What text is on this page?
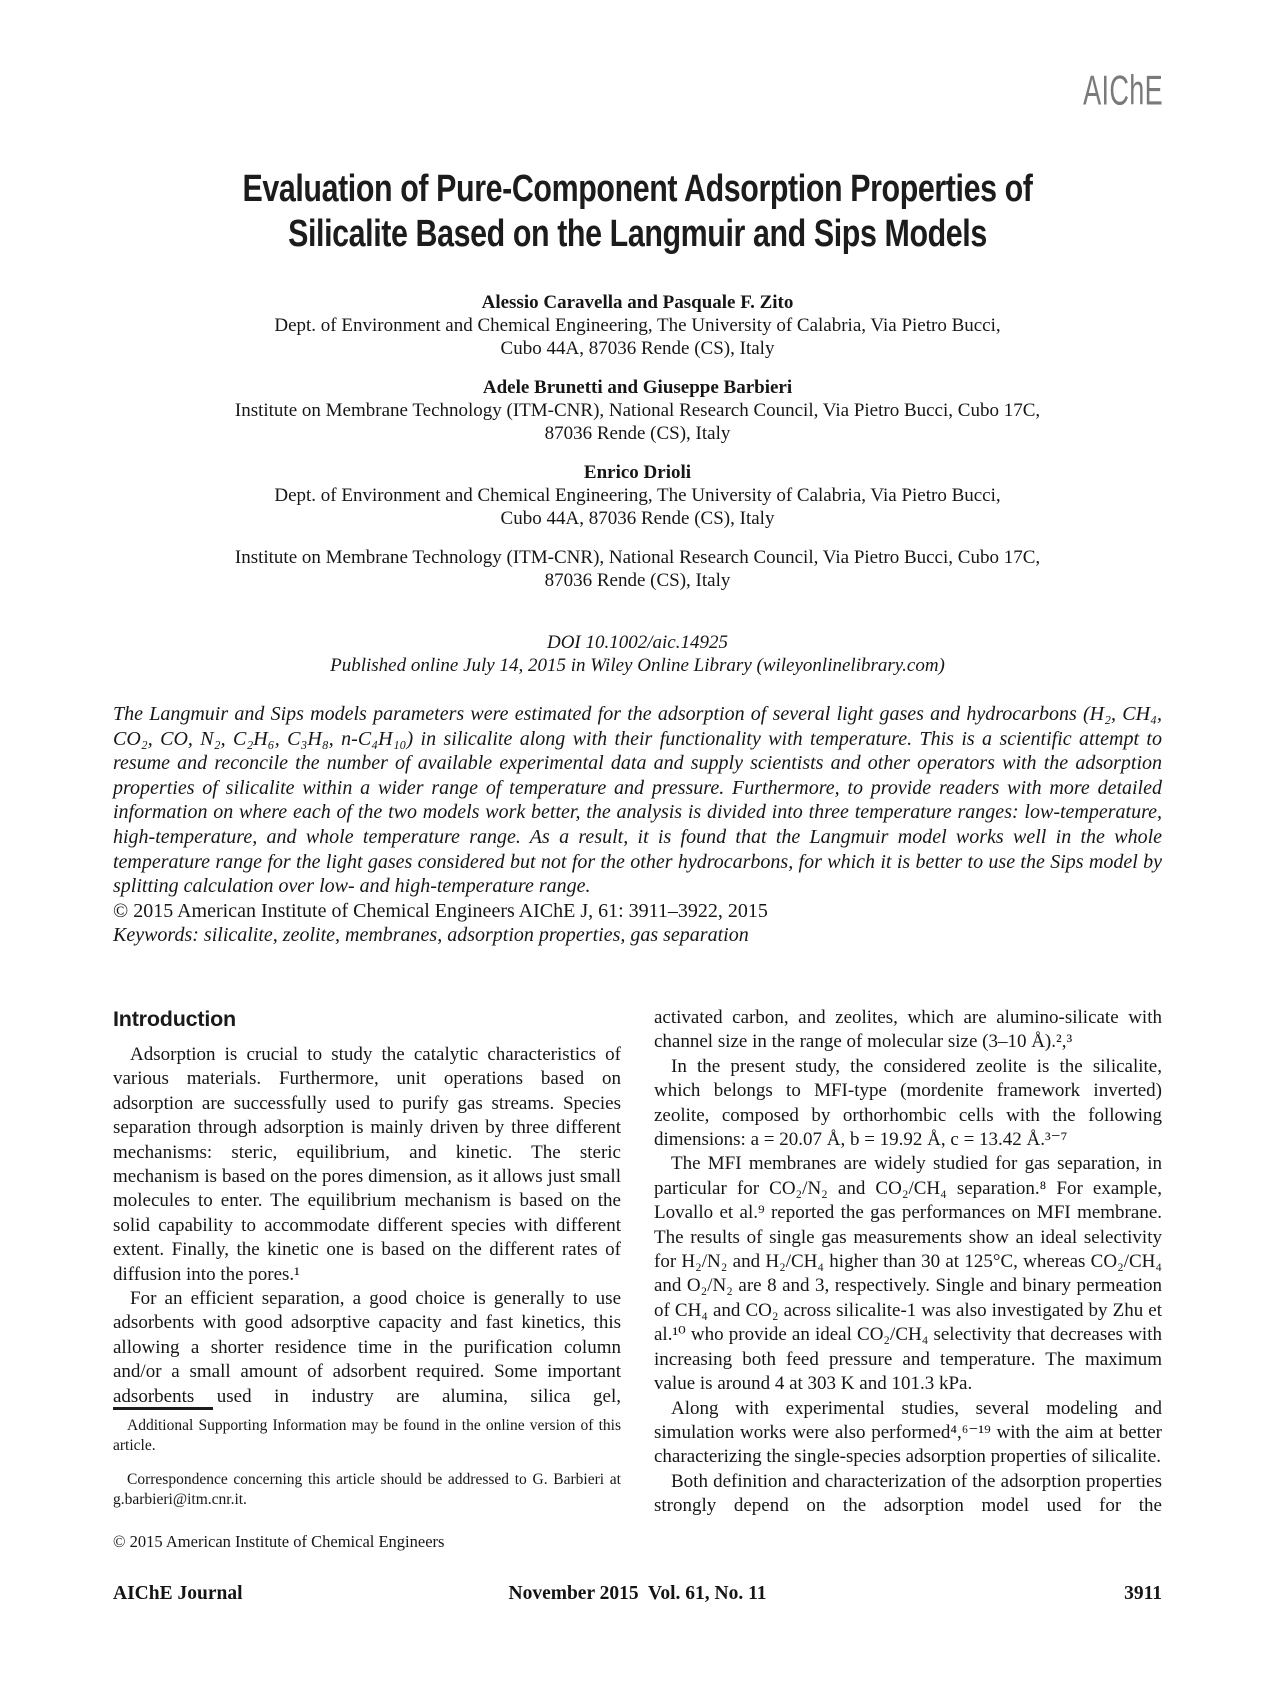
AIChE
Evaluation of Pure-Component Adsorption Properties of
Silicalite Based on the Langmuir and Sips Models
Alessio Caravella and Pasquale F. Zito
Dept. of Environment and Chemical Engineering, The University of Calabria, Via Pietro Bucci,
Cubo 44A, 87036 Rende (CS), Italy
Adele Brunetti and Giuseppe Barbieri
Institute on Membrane Technology (ITM-CNR), National Research Council, Via Pietro Bucci, Cubo 17C,
87036 Rende (CS), Italy
Enrico Drioli
Dept. of Environment and Chemical Engineering, The University of Calabria, Via Pietro Bucci,
Cubo 44A, 87036 Rende (CS), Italy
Institute on Membrane Technology (ITM-CNR), National Research Council, Via Pietro Bucci, Cubo 17C,
87036 Rende (CS), Italy
DOI 10.1002/aic.14925
Published online July 14, 2015 in Wiley Online Library (wileyonlinelibrary.com)
The Langmuir and Sips models parameters were estimated for the adsorption of several light gases and hydrocarbons (H₂, CH₄, CO₂, CO, N₂, C₂H₆, C₃H₈, n-C₄H₁₀) in silicalite along with their functionality with temperature. This is a scientific attempt to resume and reconcile the number of available experimental data and supply scientists and other operators with the adsorption properties of silicalite within a wider range of temperature and pressure. Furthermore, to provide readers with more detailed information on where each of the two models work better, the analysis is divided into three temperature ranges: low-temperature, high-temperature, and whole temperature range. As a result, it is found that the Langmuir model works well in the whole temperature range for the light gases considered but not for the other hydrocarbons, for which it is better to use the Sips model by splitting calculation over low- and high-temperature range.
© 2015 American Institute of Chemical Engineers AIChE J, 61: 3911–3922, 2015
Keywords: silicalite, zeolite, membranes, adsorption properties, gas separation
Introduction

Adsorption is crucial to study the catalytic characteristics of various materials. Furthermore, unit operations based on adsorption are successfully used to purify gas streams. Species separation through adsorption is mainly driven by three different mechanisms: steric, equilibrium, and kinetic. The steric mechanism is based on the pores dimension, as it allows just small molecules to enter. The equilibrium mechanism is based on the solid capability to accommodate different species with different extent. Finally, the kinetic one is based on the different rates of diffusion into the pores.¹

For an efficient separation, a good choice is generally to use adsorbents with good adsorptive capacity and fast kinetics, this allowing a shorter residence time in the purification column and/or a small amount of adsorbent required. Some important adsorbents used in industry are alumina, silica gel,

activated carbon, and zeolites, which are alumino-silicate with channel size in the range of molecular size (3–10 Å).²,³

In the present study, the considered zeolite is the silicalite, which belongs to MFI-type (mordenite framework inverted) zeolite, composed by orthorhombic cells with the following dimensions: a = 20.07 Å, b = 19.92 Å, c = 13.42 Å.³⁻⁷

The MFI membranes are widely studied for gas separation, in particular for CO₂/N₂ and CO₂/CH₄ separation.⁸ For example, Lovallo et al.⁹ reported the gas performances on MFI membrane. The results of single gas measurements show an ideal selectivity for H₂/N₂ and H₂/CH₄ higher than 30 at 125°C, whereas CO₂/CH₄ and O₂/N₂ are 8 and 3, respectively. Single and binary permeation of CH₄ and CO₂ across silicalite-1 was also investigated by Zhu et al.¹⁰ who provide an ideal CO₂/CH₄ selectivity that decreases with increasing both feed pressure and temperature. The maximum value is around 4 at 303 K and 101.3 kPa.

Along with experimental studies, several modeling and simulation works were also performed⁴,⁶⁻¹⁹ with the aim at better characterizing the single-species adsorption properties of silicalite.

Both definition and characterization of the adsorption properties strongly depend on the adsorption model used for the

Additional Supporting Information may be found in the online version of this article.
Correspondence concerning this article should be addressed to G. Barbieri at g.barbieri@itm.cnr.it.
© 2015 American Institute of Chemical Engineers
AIChE Journal	November 2015  Vol. 61, No. 11	3911
